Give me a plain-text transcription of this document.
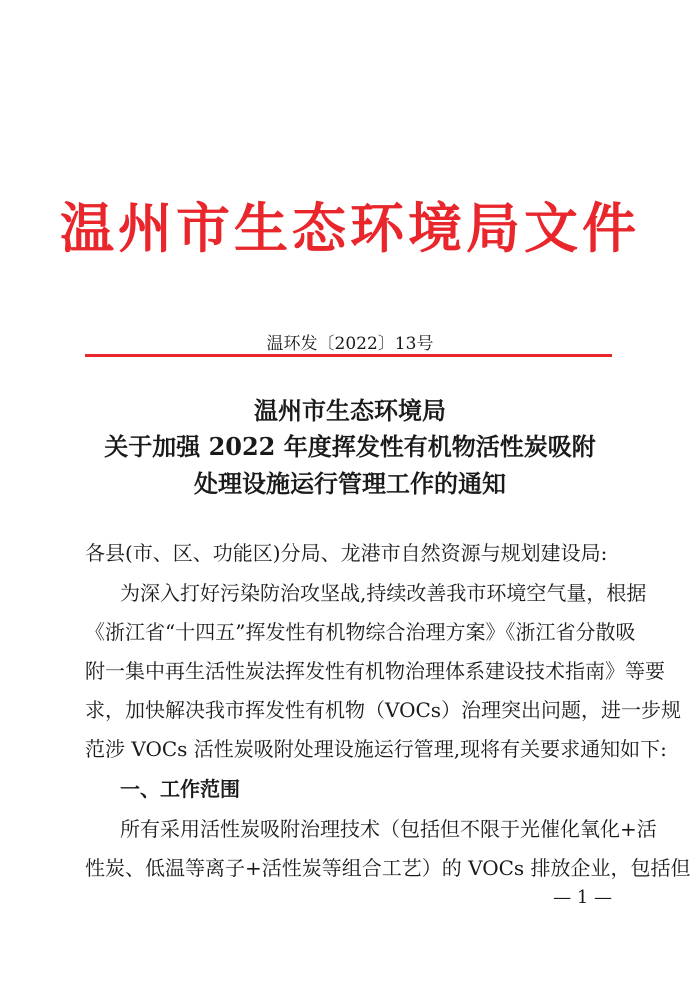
温州市生态环境局文件
温环发〔2022〕13号
温州市生态环境局
关于加强 2022 年度挥发性有机物活性炭吸附
处理设施运行管理工作的通知
各县(市、区、功能区)分局、龙港市自然资源与规划建设局:
为深入打好污染防治攻坚战,持续改善我市环境空气量，根据
《浙江省“十四五”挥发性有机物综合治理方案》《浙江省分散吸
附一集中再生活性炭法挥发性有机物治理体系建设技术指南》等要
求，加快解决我市挥发性有机物（VOCs）治理突出问题，进一步规
范涉 VOCs 活性炭吸附处理设施运行管理,现将有关要求通知如下:
一、工作范围
所有采用活性炭吸附治理技术（包括但不限于光催化氧化+活
性炭、低温等离子+活性炭等组合工艺）的 VOCs 排放企业，包括但
— 1 —
